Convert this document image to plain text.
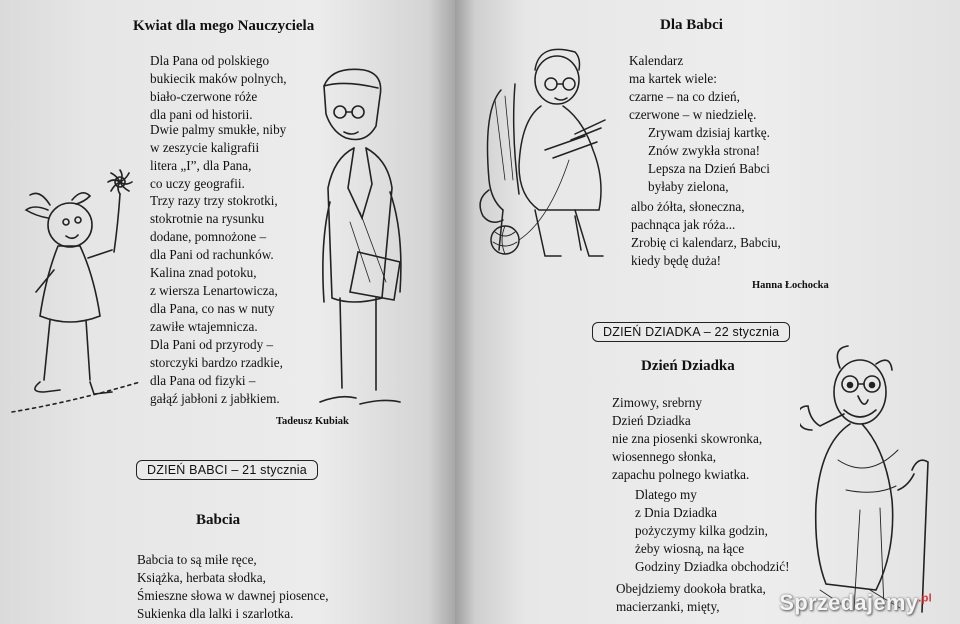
Kwiat dla mego Nauczyciela
Dla Pana od polskiego
bukiecik maków polnych,
biało-czerwone róże
dla pani od historii.
Dwie palmy smukłe, niby
w zeszycie kaligrafii
litera „I”, dla Pana,
co uczy geografii.
Trzy razy trzy stokrotki,
stokrotnie na rysunku
dodane, pomnożone –
dla Pani od rachunków.
Kalina znad potoku,
z wiersza Lenartowicza,
dla Pana, co nas w nuty
zawiłe wtajemnicza.
Dla Pani od przyrody –
storczyki bardzo rzadkie,
dla Pana od fizyki –
gałąź jabłoni z jabłkiem.
Tadeusz Kubiak
DZIEŃ BABCI – 21 stycznia
Babcia
Babcia to są miłe ręce,
Książka, herbata słodka,
Śmieszne słowa w dawnej piosence,
Sukienka dla lalki i szarlotka.
Dla Babci
Kalendarz
ma kartek wiele:
czarne – na co dzień,
czerwone – w niedzielę.
Zrywam dzisiaj kartkę.
Znów zwykła strona!
Lepsza na Dzień Babci
byłaby zielona,
albo żółta, słoneczna,
pachnąca jak róża...
Zrobię ci kalendarz, Babciu,
kiedy będę duża!
Hanna Łochocka
DZIEŃ DZIADKA – 22 stycznia
Dzień Dziadka
Zimowy, srebrny
Dzień Dziadka
nie zna piosenki skowronka,
wiosennego słonka,
zapachu polnego kwiatka.
Dlatego my
z Dnia Dziadka
pożyczymy kilka godzin,
żeby wiosną, na łące
Godziny Dziadka obchodzić!
Obejdziemy dookoła bratka,
macierzanki, mięty,	Sprzedajemy$^{.pl}$
